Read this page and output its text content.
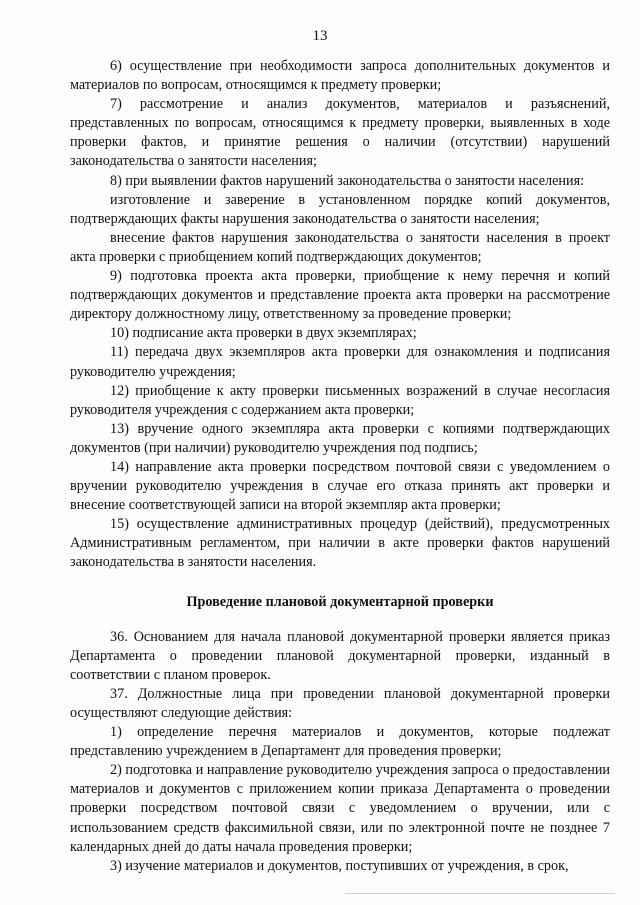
13

6) осуществление при необходимости запроса дополнительных документов и материалов по вопросам, относящимся к предмету проверки;

7) рассмотрение и анализ документов, материалов и разъяснений, представленных по вопросам, относящимся к предмету проверки, выявленных в ходе проверки фактов, и принятие решения о наличии (отсутствии) нарушений законодательства о занятости населения;

8) при выявлении фактов нарушений законодательства о занятости населения:

изготовление и заверение в установленном порядке копий документов, подтверждающих факты нарушения законодательства о занятости населения;

внесение фактов нарушения законодательства о занятости населения в проект акта проверки с приобщением копий подтверждающих документов;

9) подготовка проекта акта проверки, приобщение к нему перечня и копий подтверждающих документов и представление проекта акта проверки на рассмотрение директору должностному лицу, ответственному за проведение проверки;

10) подписание акта проверки в двух экземплярах;

11) передача двух экземпляров акта проверки для ознакомления и подписания руководителю учреждения;

12) приобщение к акту проверки письменных возражений в случае несогласия руководителя учреждения с содержанием акта проверки;

13) вручение одного экземпляра акта проверки с копиями подтверждающих документов (при наличии) руководителю учреждения под подпись;

14) направление акта проверки посредством почтовой связи с уведомлением о вручении руководителю учреждения в случае его отказа принять акт проверки и внесение соответствующей записи на второй экземпляр акта проверки;

15) осуществление административных процедур (действий), предусмотренных Административным регламентом, при наличии в акте проверки фактов нарушений законодательства в занятости населения.

Проведение плановой документарной проверки

36. Основанием для начала плановой документарной проверки является приказ Департамента о проведении плановой документарной проверки, изданный в соответствии с планом проверок.

37. Должностные лица при проведении плановой документарной проверки осуществляют следующие действия:

1) определение перечня материалов и документов, которые подлежат представлению учреждением в Департамент для проведения проверки;

2) подготовка и направление руководителю учреждения запроса о предоставлении материалов и документов с приложением копии приказа Департамента о проведении проверки посредством почтовой связи с уведомлением о вручении, или с использованием средств факсимильной связи, или по электронной почте не позднее 7 календарных дней до даты начала проведения проверки;

3) изучение материалов и документов, поступивших от учреждения, в срок,
